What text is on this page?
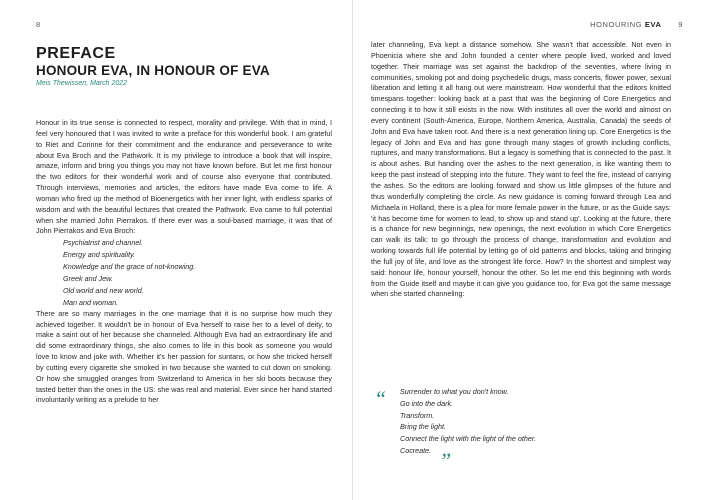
8
PREFACE
HONOUR EVA, IN HONOUR OF EVA
Meis Thewissen, March 2022

Honour in its true sense is connected to respect, morality and privilege. With that in mind, I feel very honoured that I was invited to write a preface for this wonderful book. I am grateful to Riet and Corinne for their commitment and the endurance and perseverance to write about Eva Broch and the Pathwork. It is my privilege to introduce a book that will inspire, amaze, inform and bring you things you may not have known before. But let me first honour the two editors for their wonderful work and of course also everyone that contributed. Through interviews, memories and articles, the editors have made Eva come to life. A woman who fired up the method of Bioenergetics with her inner light, with endless sparks of wisdom and with the beautiful lectures that created the Pathwork. Eva came to full potential when she married John Pierrakos. If there ever was a soul-based marriage, it was that of John Pierrakos and Eva Broch:

Psychiatrist and channel.
Energy and spirituality.
Knowledge and the grace of not-knowing.
Greek and Jew.
Old world and new world.
Man and woman.

There are so many marriages in the one marriage that it is no surprise how much they achieved together. It wouldn't be in honour of Eva herself to raise her to a level of deity, to make a saint out of her because she channeled. Although Eva had an extraordinary life and did some extraordinary things, she also comes to life in this book as someone you would love to know and joke with. Whether it's her passion for suntans, or how she tricked herself by cutting every cigarette she smoked in two because she wanted to cut down on smoking. Or how she smuggled oranges from Switzerland to America in her ski boots because they tasted better than the ones in the US: she was real and material. Ever since her hand started involuntarily writing as a prelude to her

HONOURING EVA 9

later channeling, Eva kept a distance somehow. She wasn't that accessible. Not even in Phoenicia where she and John founded a center where people lived, worked and loved together. Their marriage was set against the backdrop of the seventies, where living in communities, smoking pot and doing psychedelic drugs, mass concerts, flower power, sexual liberation and letting it all hang out were mainstream. How wonderful that the editors knitted timespans together: looking back at a past that was the beginning of Core Energetics and connecting it to how it still exists in the now. With institutes all over the world and almost on every continent (South-America, Europe, Northern America, Australia, Canada) the seeds of John and Eva have taken root. And there is a next generation lining up. Core Energetics is the legacy of John and Eva and has gone through many stages of growth including conflicts, ruptures, and many transformations. But a legacy is something that is connected to the past. It is about ashes. But handing over the ashes to the next generation, is like wanting them to keep the past instead of stepping into the future. They want to feel the fire, instead of carrying the ashes. So the editors are looking forward and show us little glimpses of the future and thus wonderfully completing the circle. As new guidance is coming forward through Lea and Michaela in Holland, there is a plea for more female power in the future, or as the Guide says: 'it has become time for women to lead, to show up and stand up'. Looking at the future, there is a chance for new beginnings, new openings, the next evolution in which Core Energetics can walk its talk: to go through the process of change, transformation and evolution and working towards full life potential by letting go of old patterns and blocks, taking and bringing the full joy of life, and love as the strongest life force. How? In the shortest and simplest way said: honour life, honour yourself, honour the other. So let me end this beginning with words from the Guide itself and maybe it can give you guidance too, for Eva got the same message when she started channeling:

“	Surrender to what you don't know.
Go into the dark.
Transform.
Bring the light.
Connect the light with the light of the other.
Cocreate. ”
